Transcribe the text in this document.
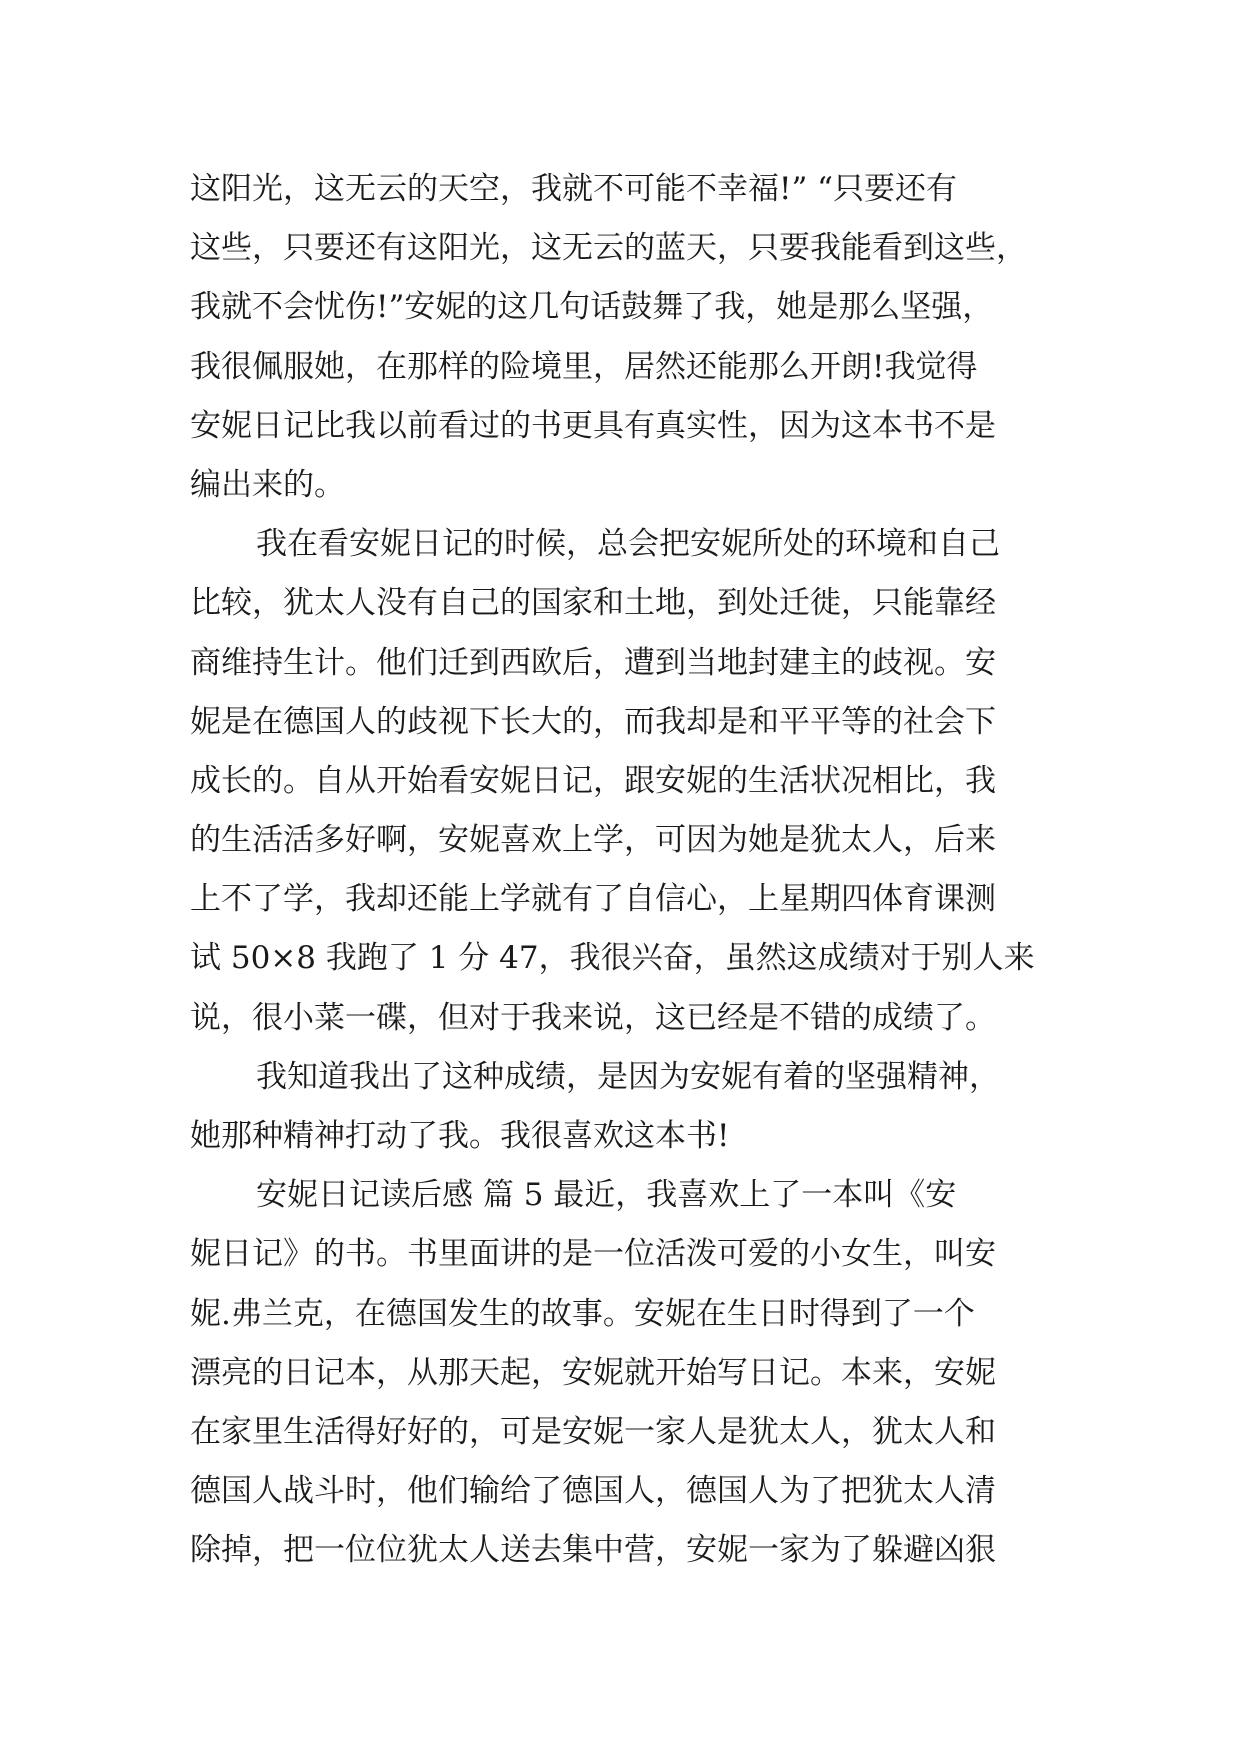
这阳光，这无云的天空，我就不可能不幸福!” “只要还有
这些，只要还有这阳光，这无云的蓝天，只要我能看到这些，
我就不会忧伤!”安妮的这几句话鼓舞了我，她是那么坚强，
我很佩服她，在那样的险境里，居然还能那么开朗!我觉得
安妮日记比我以前看过的书更具有真实性，因为这本书不是
编出来的。
我在看安妮日记的时候，总会把安妮所处的环境和自己
比较，犹太人没有自己的国家和土地，到处迁徙，只能靠经
商维持生计。他们迁到西欧后，遭到当地封建主的歧视。安
妮是在德国人的歧视下长大的，而我却是和平平等的社会下
成长的。自从开始看安妮日记，跟安妮的生活状况相比，我
的生活活多好啊，安妮喜欢上学，可因为她是犹太人，后来
上不了学，我却还能上学就有了自信心，上星期四体育课测
试 50×8 我跑了 1 分 47，我很兴奋，虽然这成绩对于别人来
说，很小菜一碟，但对于我来说，这已经是不错的成绩了。
我知道我出了这种成绩，是因为安妮有着的坚强精神，
她那种精神打动了我。我很喜欢这本书!
安妮日记读后感 篇 5 最近，我喜欢上了一本叫《安
妮日记》的书。书里面讲的是一位活泼可爱的小女生，叫安
妮.弗兰克，在德国发生的故事。安妮在生日时得到了一个
漂亮的日记本，从那天起，安妮就开始写日记。本来，安妮
在家里生活得好好的，可是安妮一家人是犹太人，犹太人和
德国人战斗时，他们输给了德国人，德国人为了把犹太人清
除掉，把一位位犹太人送去集中营，安妮一家为了躲避凶狠
